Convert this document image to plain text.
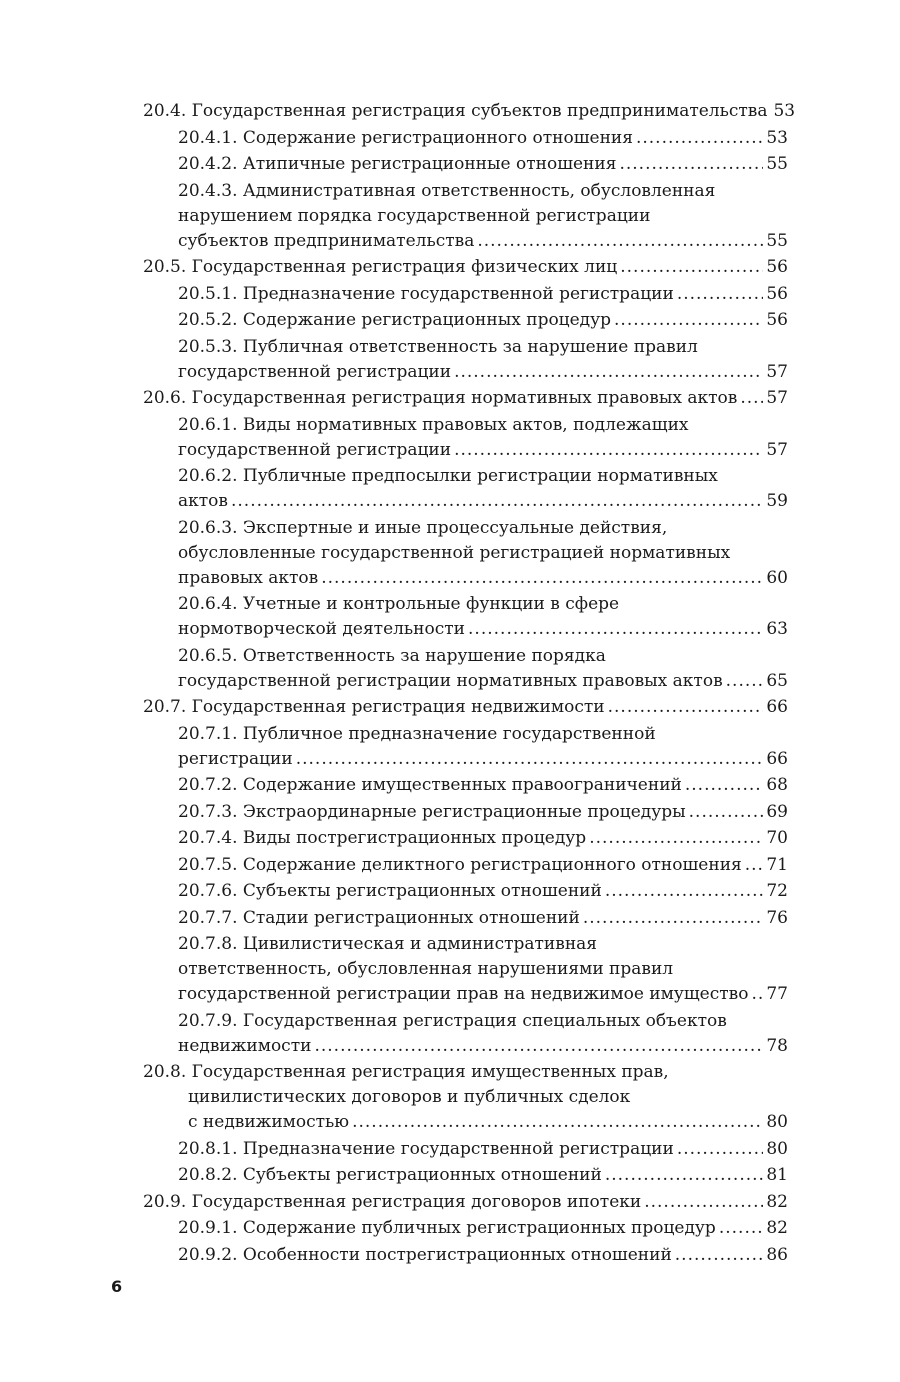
20.4. Государственная регистрация субъектов предпринимательства 53
20.4.1. Содержание регистрационного отношения .....	53
20.4.2. Атипичные регистрационные отношения .....	55
20.4.3. Административная ответственность, обусловленная
нарушением порядка государственной регистрации
субъектов предпринимательства .....	55
20.5. Государственная регистрация физических лиц .....	56
20.5.1. Предназначение государственной регистрации .....	56
20.5.2. Содержание регистрационных процедур .....	56
20.5.3. Публичная ответственность за нарушение правил
государственной регистрации .....	57
20.6. Государственная регистрация нормативных правовых актов ..... 57
20.6.1. Виды нормативных правовых актов, подлежащих
государственной регистрации .....	57
20.6.2. Публичные предпосылки регистрации нормативных
актов .....	59
20.6.3. Экспертные и иные процессуальные действия,
обусловленные государственной регистрацией нормативных
правовых актов .....	60
20.6.4. Учетные и контрольные функции в сфере
нормотворческой деятельности .....	63
20.6.5. Ответственность за нарушение порядка
государственной регистрации нормативных правовых актов .....	65
20.7. Государственная регистрация недвижимости .....	66
20.7.1. Публичное предназначение государственной
регистрации .....	66
20.7.2. Содержание имущественных правоограничений .....	68
20.7.3. Экстраординарные регистрационные процедуры .....	69
20.7.4. Виды пострегистрационных процедур .....	70
20.7.5. Содержание деликтного регистрационного отношения ..... 71
20.7.6. Субъекты регистрационных отношений .....	72
20.7.7. Стадии регистрационных отношений .....	76
20.7.8. Цивилистическая и административная
ответственность, обусловленная нарушениями правил
государственной регистрации прав на недвижимое имущество ..... 77
20.7.9. Государственная регистрация специальных объектов
недвижимости .....	78
20.8. Государственная регистрация имущественных прав,
цивилистических договоров и публичных сделок
с недвижимостью .....	80
20.8.1. Предназначение государственной регистрации .....	80
20.8.2. Субъекты регистрационных отношений .....	81
20.9. Государственная регистрация договоров ипотеки .....	82
20.9.1. Содержание публичных регистрационных процедур .....	82
20.9.2. Особенности пострегистрационных отношений .....	86
6
